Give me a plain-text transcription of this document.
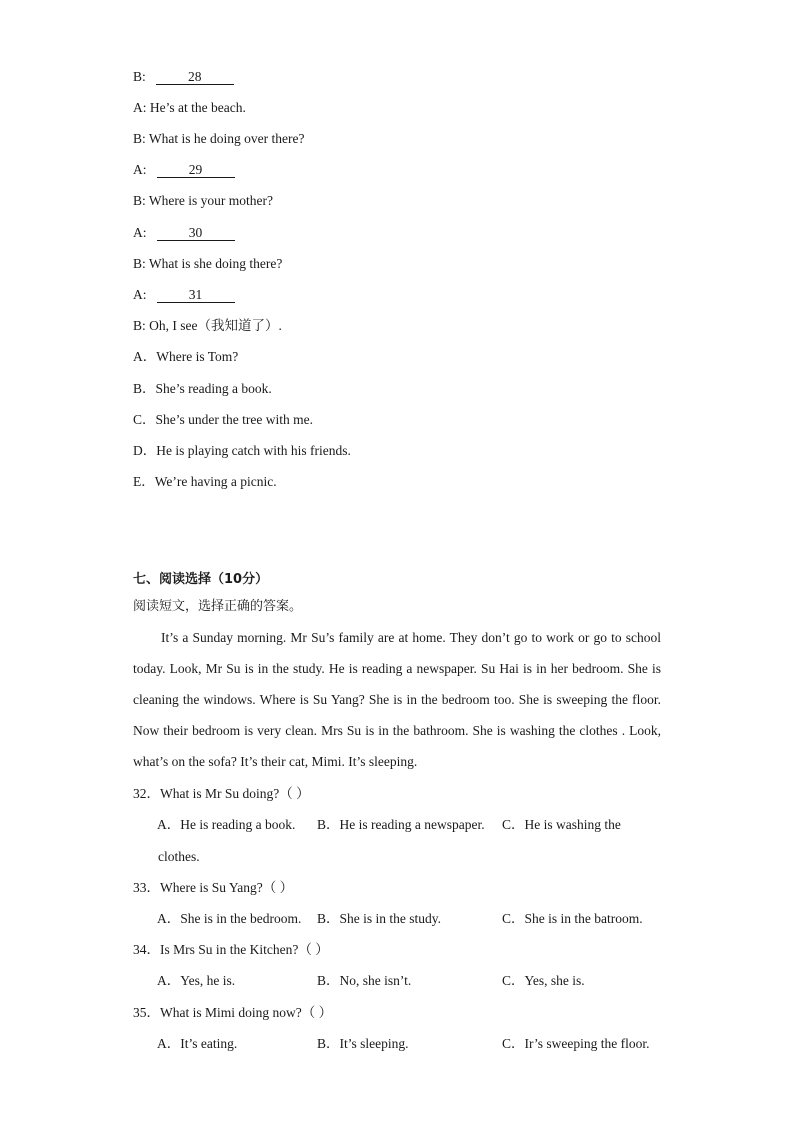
B:	28
A: He’s at the beach.
B: What is he doing over there?
A:	29
B: Where is your mother?
A:	30
B: What is she doing there?
A:	31
B: Oh, I see（我知道了）.
A．Where is Tom?
B．She’s reading a book.
C．She’s under the tree with me.
D．He is playing catch with his friends.
E．We’re having a picnic.
七、阅读选择（10分）
阅读短文，选择正确的答案。
It’s a Sunday morning. Mr Su’s family are at home. They don’t go to work or go to school today. Look, Mr Su is in the study. He is reading a newspaper. Su Hai is in her bedroom. She is cleaning the windows. Where is Su Yang? She is in the bedroom too. She is sweeping the floor. Now their bedroom is very clean. Mrs Su is in the bathroom. She is washing the clothes . Look, what’s on the sofa? It’s their cat, Mimi. It’s sleeping.
32．What is Mr Su doing?（ ）
A．He is reading a book. B．He is reading a newspaper. C．He is washing the
clothes.
33．Where is Su Yang?（ ）
A．She is in the bedroom. B．She is in the study.	C．She is in the batroom.
34．Is Mrs Su in the Kitchen?（ ）
A．Yes, he is.	B．No, she isn’t.	C．Yes, she is.
35．What is Mimi doing now?（ ）
A．It’s eating.	B．It’s sleeping.	C．Ir’s sweeping the floor.
